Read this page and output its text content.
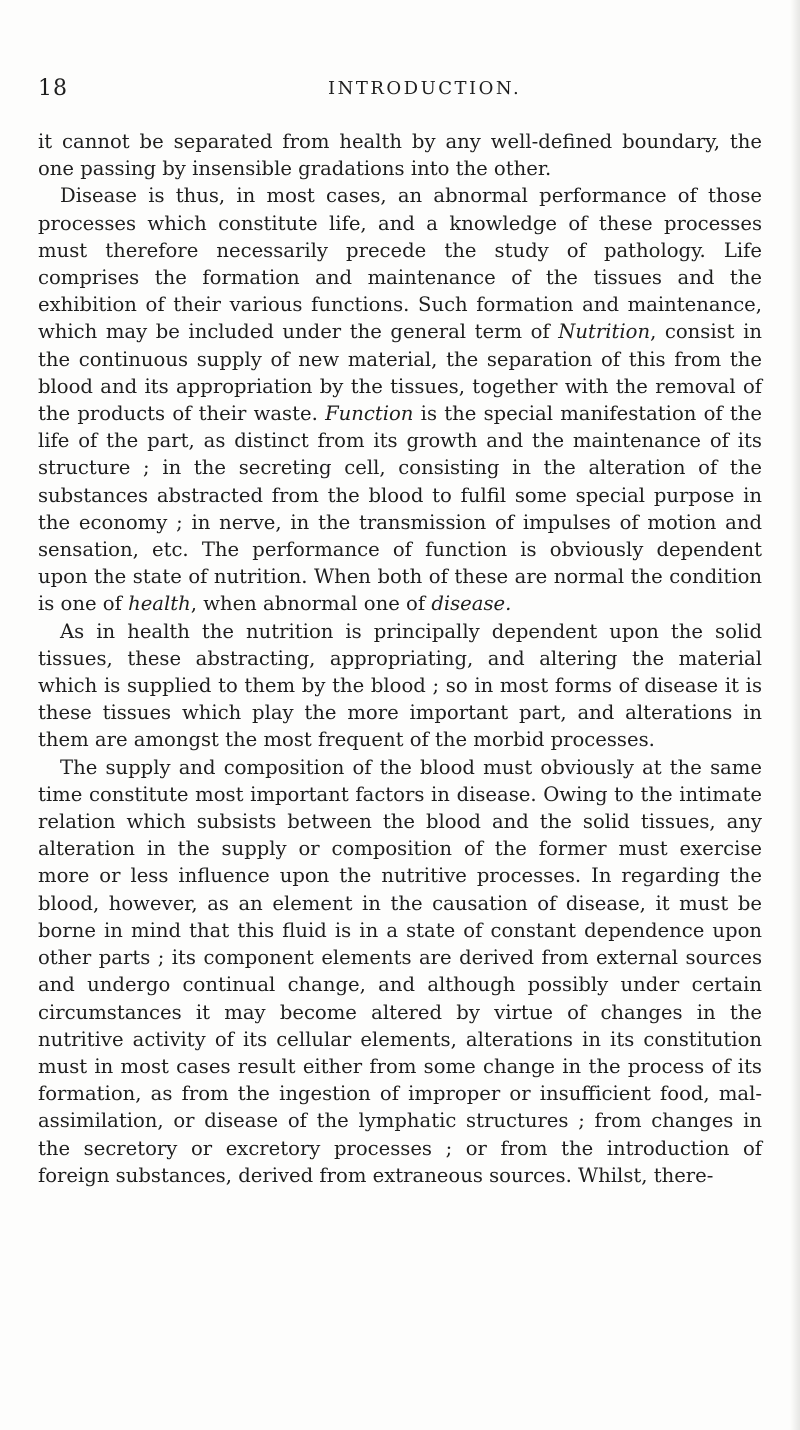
18	INTRODUCTION.

it cannot be separated from health by any well-defined boundary, the one passing by insensible gradations into the other.

Disease is thus, in most cases, an abnormal performance of those processes which constitute life, and a knowledge of these processes must therefore necessarily precede the study of pathology. Life comprises the formation and maintenance of the tissues and the exhibition of their various functions. Such formation and maintenance, which may be included under the general term of Nutrition, consist in the continuous supply of new material, the separation of this from the blood and its appropriation by the tissues, together with the removal of the products of their waste. Function is the special manifestation of the life of the part, as distinct from its growth and the maintenance of its structure ; in the secreting cell, consisting in the alteration of the substances abstracted from the blood to fulfil some special purpose in the economy ; in nerve, in the transmission of impulses of motion and sensation, etc. The performance of function is obviously dependent upon the state of nutrition. When both of these are normal the condition is one of health, when abnormal one of disease.

As in health the nutrition is principally dependent upon the solid tissues, these abstracting, appropriating, and altering the material which is supplied to them by the blood ; so in most forms of disease it is these tissues which play the more important part, and alterations in them are amongst the most frequent of the morbid processes.

The supply and composition of the blood must obviously at the same time constitute most important factors in disease. Owing to the intimate relation which subsists between the blood and the solid tissues, any alteration in the supply or composition of the former must exercise more or less influence upon the nutritive processes. In regarding the blood, however, as an element in the causation of disease, it must be borne in mind that this fluid is in a state of constant dependence upon other parts ; its component elements are derived from external sources and undergo continual change, and although possibly under certain circumstances it may become altered by virtue of changes in the nutritive activity of its cellular elements, alterations in its constitution must in most cases result either from some change in the process of its formation, as from the ingestion of improper or insufficient food, mal-assimilation, or disease of the lymphatic structures ; from changes in the secretory or excretory processes ; or from the introduction of foreign substances, derived from extraneous sources. Whilst, there-
